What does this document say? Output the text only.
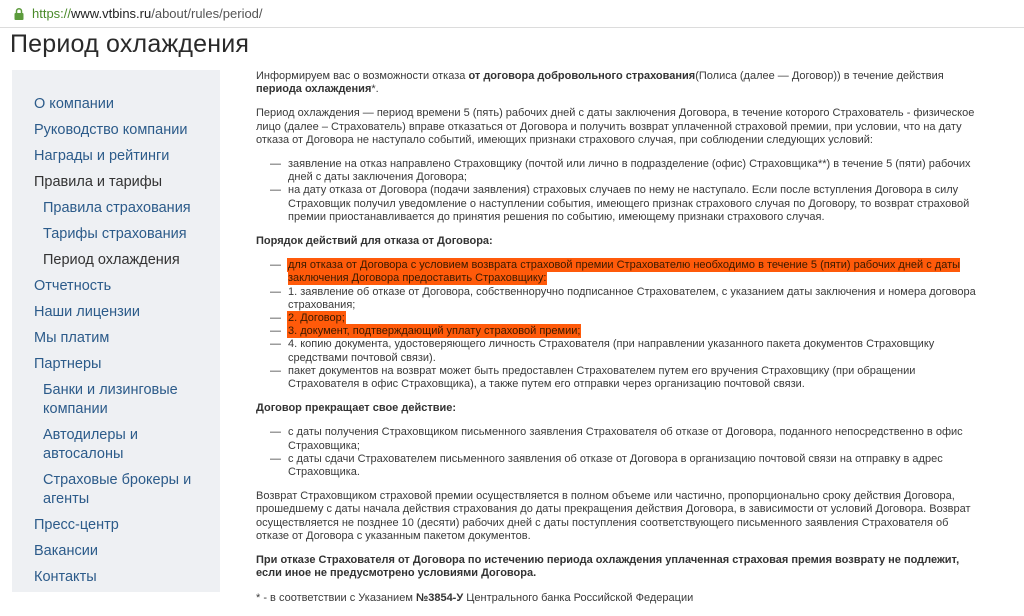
https://www.vtbins.ru/about/rules/period/
Период охлаждения
О компании
Руководство компании
Награды и рейтинги
Правила и тарифы
Правила страхования
Тарифы страхования
Период охлаждения
Отчетность
Наши лицензии
Мы платим
Партнеры
Банки и лизинговые компании
Автодилеры и автосалоны
Страховые брокеры и агенты
Пресс-центр
Вакансии
Контакты

Информируем вас о возможности отказа от договора добровольного страхования(Полиса (далее — Договор)) в течение действия периода охлаждения*.

Период охлаждения — период времени 5 (пять) рабочих дней с даты заключения Договора, в течение которого Страхователь - физическое лицо (далее – Страхователь) вправе отказаться от Договора и получить возврат уплаченной страховой премии, при условии, что на дату отказа от Договора не наступало событий, имеющих признаки страхового случая, при соблюдении следующих условий:

— заявление на отказ направлено Страховщику (почтой или лично в подразделение (офис) Страховщика**) в течение 5 (пяти) рабочих дней с даты заключения Договора;
— на дату отказа от Договора (подачи заявления) страховых случаев по нему не наступало. Если после вступления Договора в силу Страховщик получил уведомление о наступлении события, имеющего признак страхового случая по Договору, то возврат страховой премии приостанавливается до принятия решения по событию, имеющему признаки страхового случая.
Порядок действий для отказа от Договора:
— для отказа от Договора с условием возврата страховой премии Страхователю необходимо в течение 5 (пяти) рабочих дней с даты заключения Договора предоставить Страховщику:
— 1. заявление об отказе от Договора, собственноручно подписанное Страхователем, с указанием даты заключения и номера договора страхования;
— 2. Договор;
— 3. документ, подтверждающий уплату страховой премии;
— 4. копию документа, удостоверяющего личность Страхователя (при направлении указанного пакета документов Страховщику средствами почтовой связи).
— пакет документов на возврат может быть предоставлен Страхователем путем его вручения Страховщику (при обращении Страхователя в офис Страховщика), а также путем его отправки через организацию почтовой связи.
Договор прекращает свое действие:
— с даты получения Страховщиком письменного заявления Страхователя об отказе от Договора, поданного непосредственно в офис Страховщика;
— с даты сдачи Страхователем письменного заявления об отказе от Договора в организацию почтовой связи на отправку в адрес Страховщика.

Возврат Страховщиком страховой премии осуществляется в полном объеме или частично, пропорционально сроку действия Договора, прошедшему с даты начала действия страхования до даты прекращения действия Договора, в зависимости от условий Договора. Возврат осуществляется не позднее 10 (десяти) рабочих дней с даты поступления соответствующего письменного заявления Страхователя об отказе от Договора с указанным пакетом документов.

При отказе Страхователя от Договора по истечению периода охлаждения уплаченная страховая премия возврату не подлежит, если иное не предусмотрено условиями Договора.

* - в соответствии с Указанием №3854-У Центрального банка Российской Федерации
